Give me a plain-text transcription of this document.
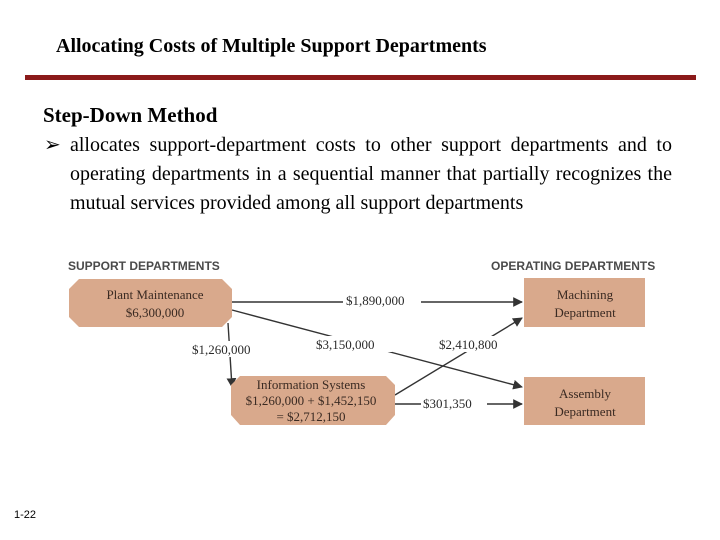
Allocating Costs of Multiple Support Departments
Step-Down Method
➢ allocates support-department costs to other support departments and to operating departments in a sequential manner that partially recognizes the mutual services provided among all support departments
SUPPORT DEPARTMENTS	OPERATING DEPARTMENTS
Plant Maintenance
$6,300,000
Information Systems
$1,260,000 + $1,452,150
= $2,712,150
Machining
Department
Assembly
Department
$1,890,000
$1,260,000	$3,150,000	$2,410,800
$301,350
1-22
